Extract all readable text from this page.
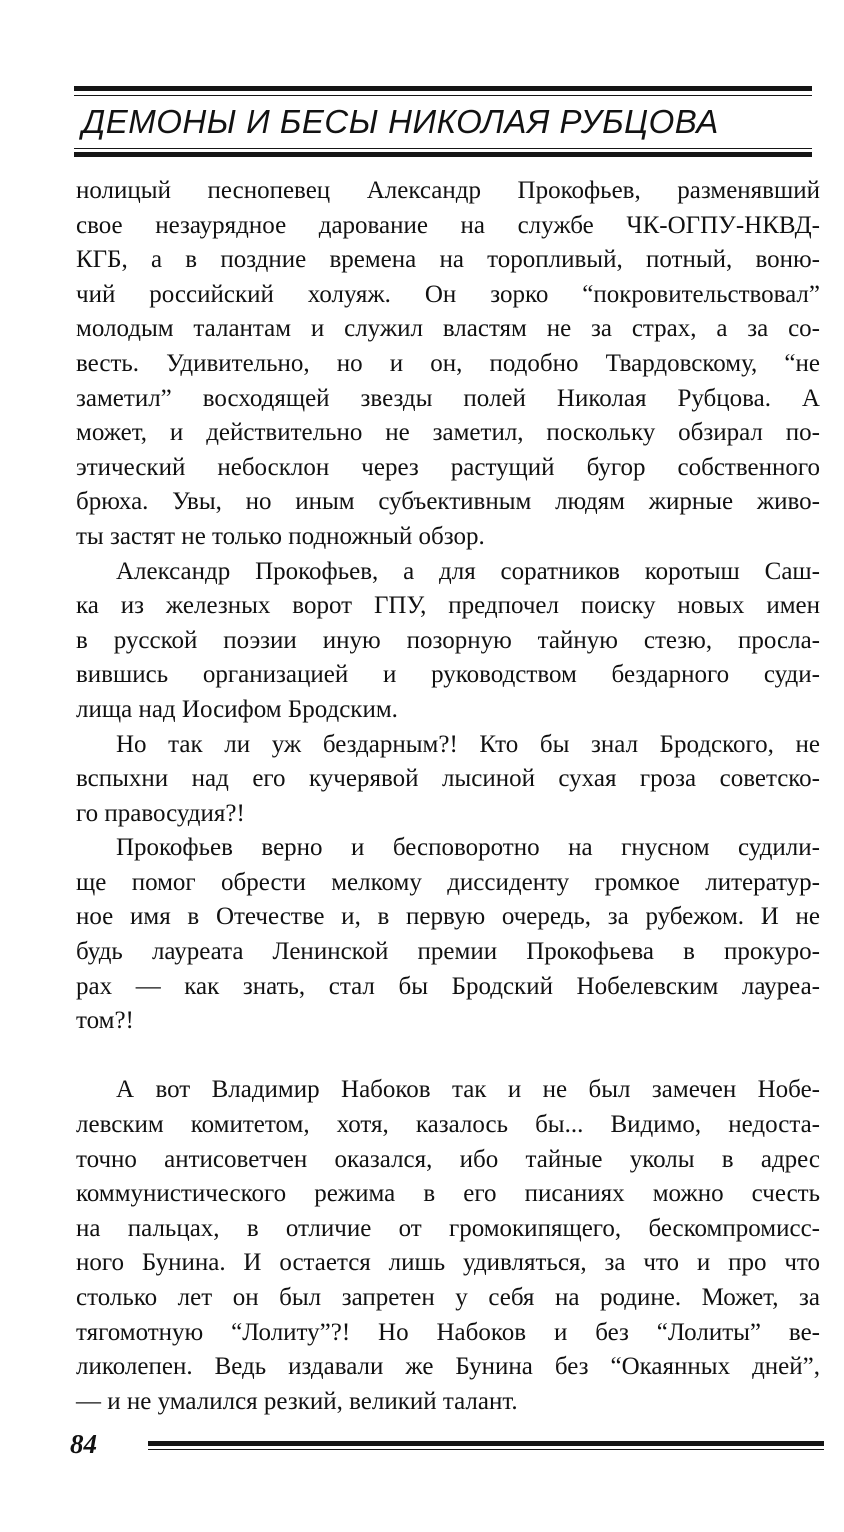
ДЕМОНЫ И БЕСЫ НИКОЛАЯ РУБЦОВА
нолицый песнопевец Александр Прокофьев, разменявший
свое незаурядное дарование на службе ЧК-ОГПУ-НКВД-
КГБ, а в поздние времена на торопливый, потный, воню-
чий российский холуяж. Он зорко “покровительствовал”
молодым талантам и служил властям не за страх, а за со-
весть. Удивительно, но и он, подобно Твардовскому, “не
заметил” восходящей звезды полей Николая Рубцова. А
может, и действительно не заметил, поскольку обзирал по-
этический небосклон через растущий бугор собственного
брюха. Увы, но иным субъективным людям жирные живо-
ты застят не только подножный обзор.
Александр Прокофьев, а для соратников коротыш Саш-
ка из железных ворот ГПУ, предпочел поиску новых имен
в русской поэзии иную позорную тайную стезю, просла-
вившись организацией и руководством бездарного суди-
лища над Иосифом Бродским.
Но так ли уж бездарным?! Кто бы знал Бродского, не
вспыхни над его кучерявой лысиной сухая гроза советско-
го правосудия?!
Прокофьев верно и бесповоротно на гнусном судили-
ще помог обрести мелкому диссиденту громкое литератур-
ное имя в Отечестве и, в первую очередь, за рубежом. И не
будь лауреата Ленинской премии Прокофьева в прокуро-
рах — как знать, стал бы Бродский Нобелевским лауреа-
том?!
А вот Владимир Набоков так и не был замечен Нобе-
левским комитетом, хотя, казалось бы... Видимо, недоста-
точно антисоветчен оказался, ибо тайные уколы в адрес
коммунистического режима в его писаниях можно счесть
на пальцах, в отличие от громокипящего, бескомпромисс-
ного Бунина. И остается лишь удивляться, за что и про что
столько лет он был запретен у себя на родине. Может, за
тягомотную “Лолиту”?! Но Набоков и без “Лолиты” ве-
ликолепен. Ведь издавали же Бунина без “Окаянных дней”,
— и не умалился резкий, великий талант.
84
